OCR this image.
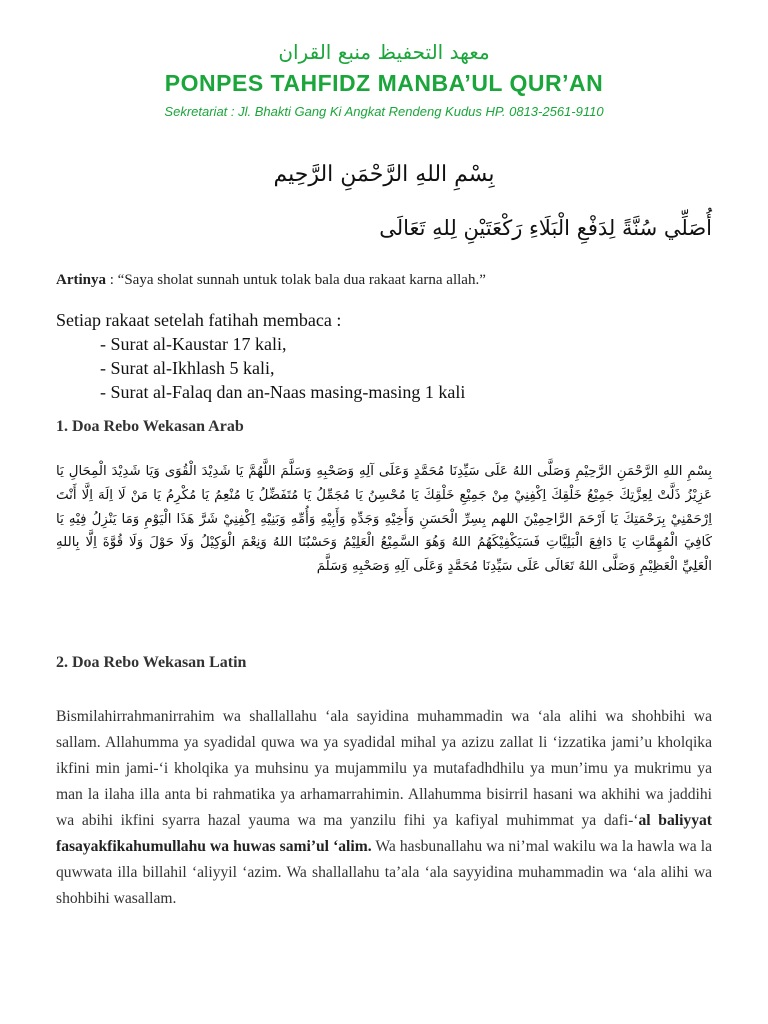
معهد التحفيظ منبع القران
PONPES TAHFIDZ MANBA’UL QUR’AN
Sekretariat : Jl. Bhakti Gang Ki Angkat Rendeng Kudus HP. 0813-2561-9110
بِسْمِ اللهِ الرَّحْمَنِ الرَّحِيم
أُصَلِّي سُنَّةً لِدَفْعِ الْبَلَاءِ رَكْعَتَيْنِ لِلهِ تَعَالَى
Artinya : “Saya sholat sunnah untuk tolak bala dua rakaat karna allah.”
Setiap rakaat setelah fatihah membaca :
- Surat al-Kaustar 17 kali,
- Surat al-Ikhlash 5 kali,
- Surat al-Falaq dan an-Naas masing-masing 1 kali
1. Doa Rebo Wekasan Arab
بِسْمِ اللهِ الرَّحْمَنِ الرَّحِيْمِ وَصَلَّى اللهُ عَلَى سَيِّدِنَا مُحَمَّدٍ وَعَلَى آلِهِ وَصَحْبِهِ وَسَلَّمَ اللَّهُمَّ يَا شَدِيْدَ الْقُوَى وَيَا شَدِيْدَ الْمِحَالِ يَا عَزِيْزُ ذَلَّتْ لِعِزَّتِكَ جَمِيْعُ خَلْقِكَ اِكْفِنِيْ مِنْ جَمِيْعِ خَلْقِكَ يَا مُحْسِنُ يَا مُجَمِّلُ يَا مُتَفَضِّلُ يَا مُنْعِمُ يَا مُكْرِمُ يَا مَنْ لَا اِلَهَ اِلَّا أَنْتَ اِرْحَمْنِيْ بِرَحْمَتِكَ يَا اَرْحَمَ الرَّاحِمِيْنَ اللهم بِسِرِّ الْحَسَنِ وَأَخِيْهِ وَجَدِّهِ وَأَبِيْهِ وَأُمِّهِ وَبَنِيْهِ اِكْفِنِيْ شَرَّ هَذَا الْيَوْمِ وَمَا يَنْزِلُ فِيْهِ يَا كَافِيَ الْمُهِمَّاتِ يَا دَافِعَ الْبَلِيَّاتِ فَسَيَكْفِيْكَهُمُ اللهُ وَهُوَ السَّمِيْعُ الْعَلِيْمُ وَحَسْبُنَا اللهُ وَنِعْمَ الْوَكِيْلُ وَلَا حَوْلَ وَلَا قُوَّةَ اِلَّا بِاللهِ الْعَلِيِّ الْعَظِيْمِ وَصَلَّى اللهُ تَعَالَى عَلَى سَيِّدِنَا مُحَمَّدٍ وَعَلَى آلِهِ وَصَحْبِهِ وَسَلَّمَ
2. Doa Rebo Wekasan Latin
Bismilahirrahmanirrahim wa shallallahu ‘ala sayidina muhammadin wa ‘ala alihi wa shohbihi wa sallam. Allahumma ya syadidal quwa wa ya syadidal mihal ya azizu zallat li ‘izzatika jami’u kholqika ikfini min jami-‘i kholqika ya muhsinu ya mujammilu ya mutafadhdhilu ya mun’imu ya mukrimu ya man la ilaha illa anta bi rahmatika ya arhamarrahimin. Allahumma bisirril hasani wa akhihi wa jaddihi wa abihi ikfini syarra hazal yauma wa ma yanzilu fihi ya kafiyal muhimmat ya dafi-‘al baliyyat fasayakfikahumullahu wa huwas sami’ul ‘alim. Wa hasbunallahu wa ni’mal wakilu wa la hawla wa la quwwata illa billahil ‘aliyyil ‘azim. Wa shallallahu ta’ala ‘ala sayyidina muhammadin wa ‘ala alihi wa shohbihi wasallam.
